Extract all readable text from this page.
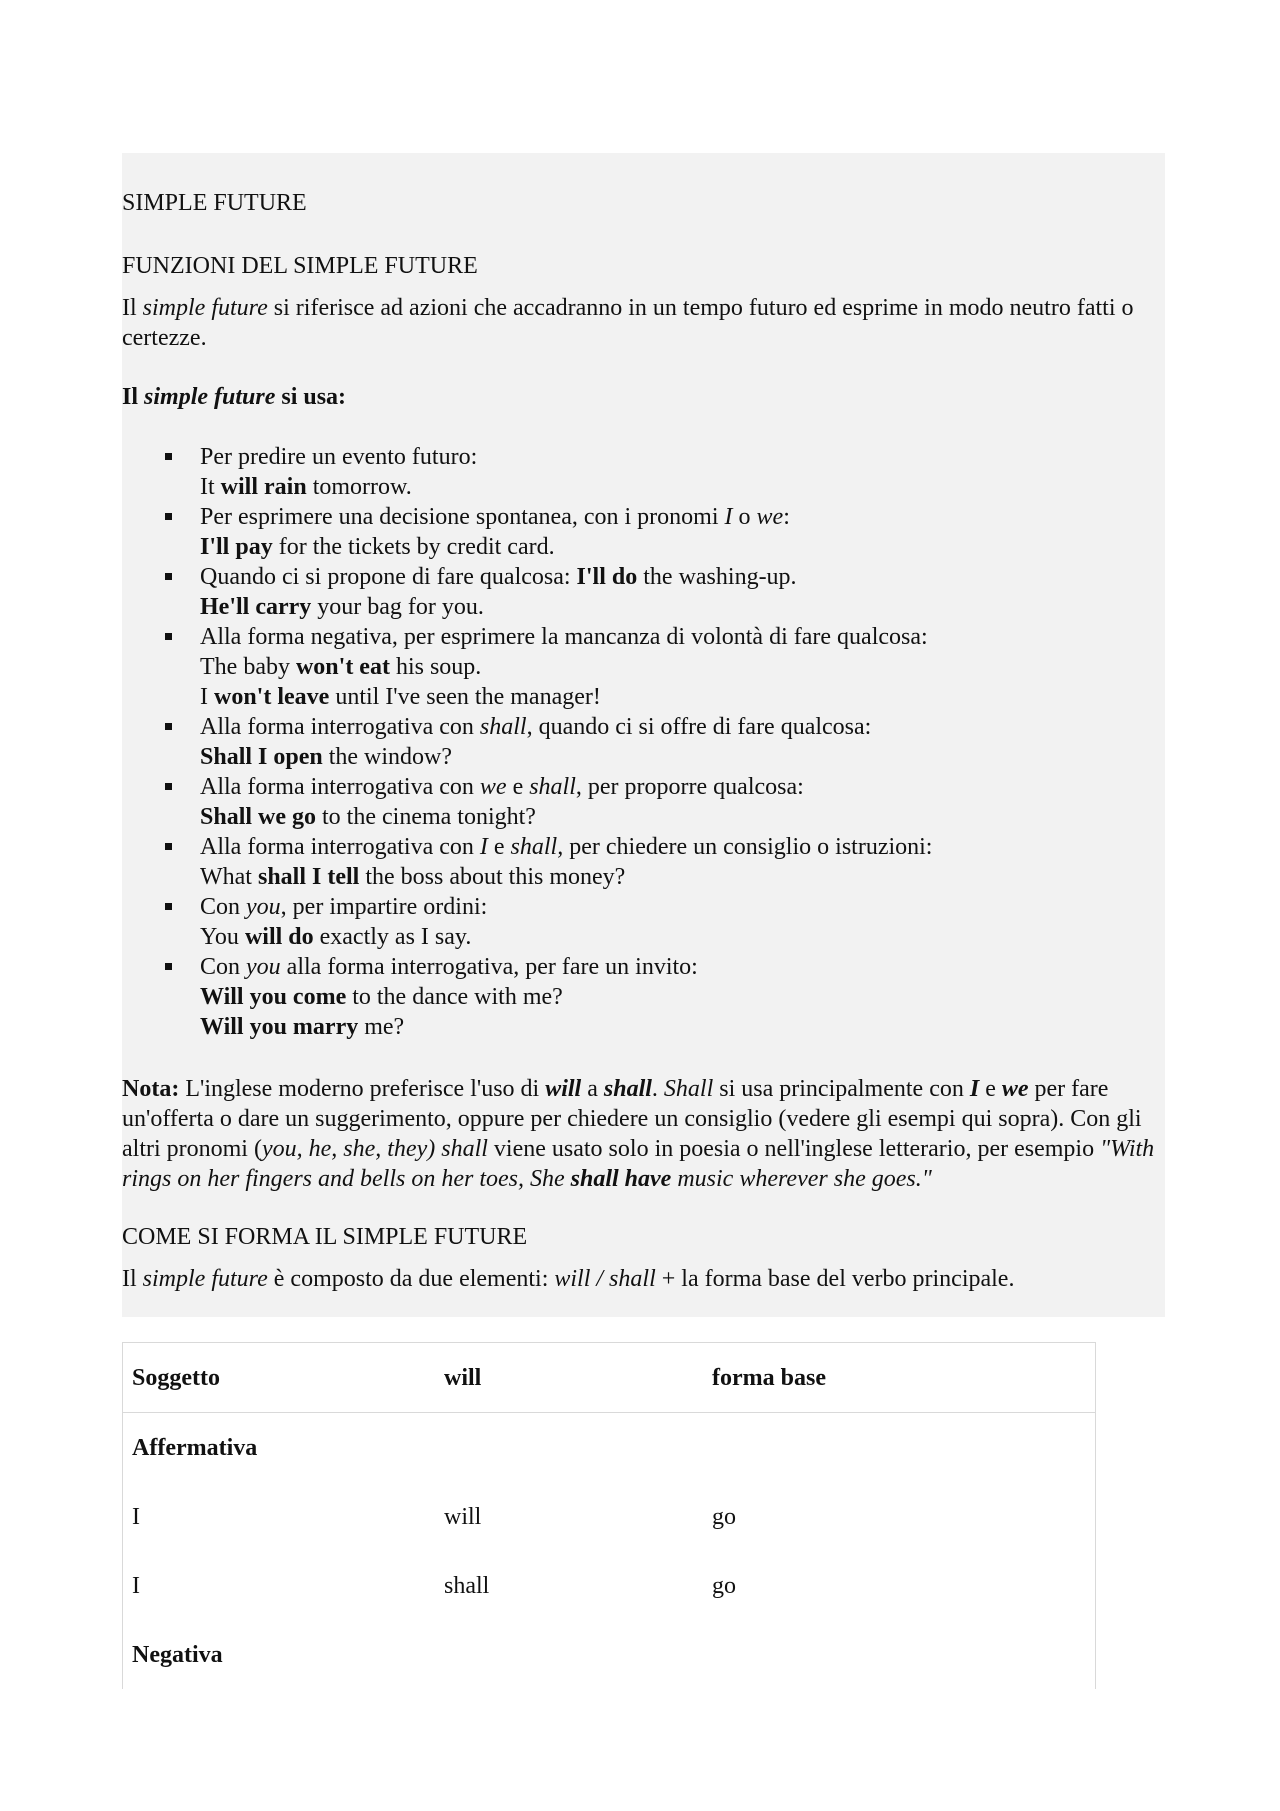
SIMPLE FUTURE

FUNZIONI DEL SIMPLE FUTURE

Il simple future si riferisce ad azioni che accadranno in un tempo futuro ed esprime in modo neutro fatti o certezze.

Il simple future si usa:

Per predire un evento futuro:
It will rain tomorrow.
Per esprimere una decisione spontanea, con i pronomi I o we:
I'll pay for the tickets by credit card.
Quando ci si propone di fare qualcosa: I'll do the washing-up.
He'll carry your bag for you.
Alla forma negativa, per esprimere la mancanza di volontà di fare qualcosa:
The baby won't eat his soup.
I won't leave until I've seen the manager!
Alla forma interrogativa con shall, quando ci si offre di fare qualcosa:
Shall I open the window?
Alla forma interrogativa con we e shall, per proporre qualcosa:
Shall we go to the cinema tonight?
Alla forma interrogativa con I e shall, per chiedere un consiglio o istruzioni:
What shall I tell the boss about this money?
Con you, per impartire ordini:
You will do exactly as I say.
Con you alla forma interrogativa, per fare un invito:
Will you come to the dance with me?
Will you marry me?

Nota: L'inglese moderno preferisce l'uso di will a shall. Shall si usa principalmente con I e we per fare un'offerta o dare un suggerimento, oppure per chiedere un consiglio (vedere gli esempi qui sopra). Con gli altri pronomi (you, he, she, they) shall viene usato solo in poesia o nell'inglese letterario, per esempio "With rings on her fingers and bells on her toes, She shall have music wherever she goes."

COME SI FORMA IL SIMPLE FUTURE

Il simple future è composto da due elementi: will / shall + la forma base del verbo principale.

Soggetto	will	forma base
Affermativa		
I	will	go
I	shall	go
Negativa		
